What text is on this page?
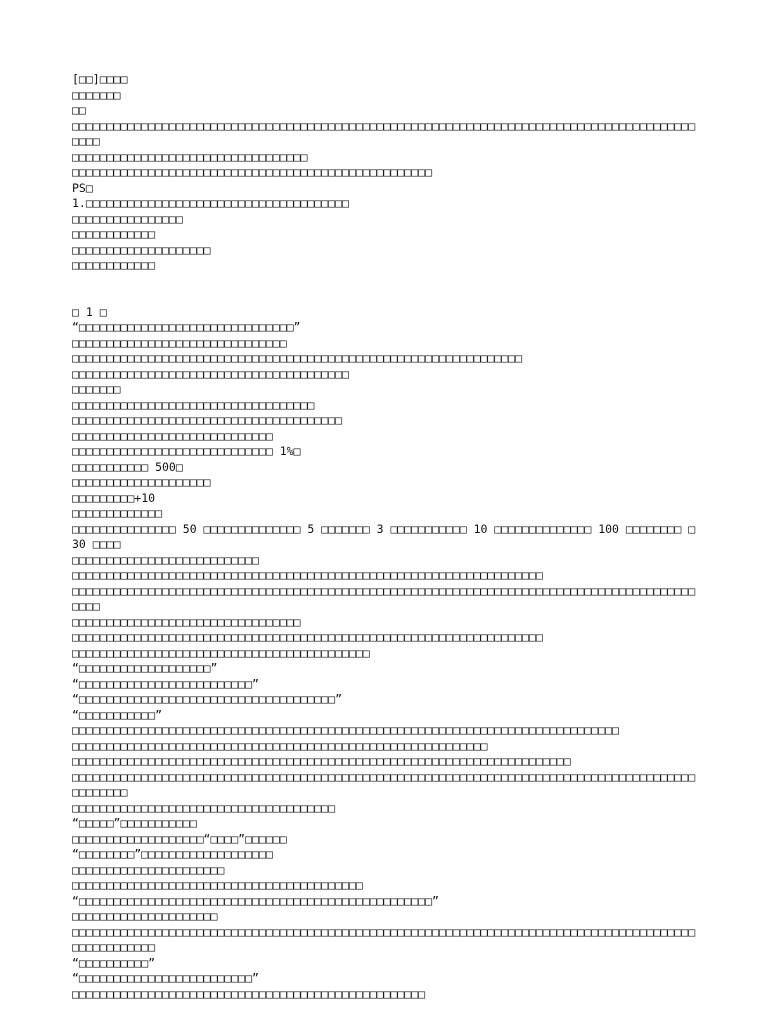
[□□]□□□□
□□□□□□□
□□
□□□□□□□□□□□□□□□□□□□□□□□□□□□□□□□□□□□□□□□□□□□□□□□□□□□□□□□□□□□□□□□□□□□□□□□□□□□□□□□□□□□□□□□□□□□□□□
□□□□□□□□□□□□□□□□□□□□□□□□□□□□□□□□□□
□□□□□□□□□□□□□□□□□□□□□□□□□□□□□□□□□□□□□□□□□□□□□□□□□□□□
PS□
1.□□□□□□□□□□□□□□□□□□□□□□□□□□□□□□□□□□□□□□
□□□□□□□□□□□□□□□□
□□□□□□□□□□□□
□□□□□□□□□□□□□□□□□□□□
□□□□□□□□□□□□
□ 1 □
“□□□□□□□□□□□□□□□□□□□□□□□□□□□□□□□”
□□□□□□□□□□□□□□□□□□□□□□□□□□□□□□□
□□□□□□□□□□□□□□□□□□□□□□□□□□□□□□□□□□□□□□□□□□□□□□□□□□□□□□□□□□□□□□□□□
□□□□□□□□□□□□□□□□□□□□□□□□□□□□□□□□□□□□□□□□
□□□□□□□
□□□□□□□□□□□□□□□□□□□□□□□□□□□□□□□□□□□
□□□□□□□□□□□□□□□□□□□□□□□□□□□□□□□□□□□□□□□
□□□□□□□□□□□□□□□□□□□□□□□□□□□□□
□□□□□□□□□□□□□□□□□□□□□□□□□□□□□ 1%□
□□□□□□□□□□□ 500□
□□□□□□□□□□□□□□□□□□□□
□□□□□□□□□+10
□□□□□□□□□□□□□
□□□□□□□□□□□□□□□ 50 □□□□□□□□□□□□□□ 5 □□□□□□□ 3 □□□□□□□□□□□ 10 □□□□□□□□□□□□□□ 100 □□□□□□□□ □ 30 □□□□
□□□□□□□□□□□□□□□□□□□□□□□□□□□
□□□□□□□□□□□□□□□□□□□□□□□□□□□□□□□□□□□□□□□□□□□□□□□□□□□□□□□□□□□□□□□□□□□□
□□□□□□□□□□□□□□□□□□□□□□□□□□□□□□□□□□□□□□□□□□□□□□□□□□□□□□□□□□□□□□□□□□□□□□□□□□□□□□□□□□□□□□□□□□□□□□
□□□□□□□□□□□□□□□□□□□□□□□□□□□□□□□□□
□□□□□□□□□□□□□□□□□□□□□□□□□□□□□□□□□□□□□□□□□□□□□□□□□□□□□□□□□□□□□□□□□□□□
□□□□□□□□□□□□□□□□□□□□□□□□□□□□□□□□□□□□□□□□□□□
“□□□□□□□□□□□□□□□□□□□”
“□□□□□□□□□□□□□□□□□□□□□□□□□”
“□□□□□□□□□□□□□□□□□□□□□□□□□□□□□□□□□□□□□”
“□□□□□□□□□□□”
□□□□□□□□□□□□□□□□□□□□□□□□□□□□□□□□□□□□□□□□□□□□□□□□□□□□□□□□□□□□□□□□□□□□□□□□□□□□□□□
□□□□□□□□□□□□□□□□□□□□□□□□□□□□□□□□□□□□□□□□□□□□□□□□□□□□□□□□□□□□
□□□□□□□□□□□□□□□□□□□□□□□□□□□□□□□□□□□□□□□□□□□□□□□□□□□□□□□□□□□□□□□□□□□□□□□□
□□□□□□□□□□□□□□□□□□□□□□□□□□□□□□□□□□□□□□□□□□□□□□□□□□□□□□□□□□□□□□□□□□□□□□□□□□□□□□□□□□□□□□□□□□□□□□□□□□
□□□□□□□□□□□□□□□□□□□□□□□□□□□□□□□□□□□□□□
“□□□□□”□□□□□□□□□□□
□□□□□□□□□□□□□□□□□□□“□□□□”□□□□□□
“□□□□□□□□”□□□□□□□□□□□□□□□□□□□
□□□□□□□□□□□□□□□□□□□□□□
□□□□□□□□□□□□□□□□□□□□□□□□□□□□□□□□□□□□□□□□□□
“□□□□□□□□□□□□□□□□□□□□□□□□□□□□□□□□□□□□□□□□□□□□□□□□□□□”
□□□□□□□□□□□□□□□□□□□□□
□□□□□□□□□□□□□□□□□□□□□□□□□□□□□□□□□□□□□□□□□□□□□□□□□□□□□□□□□□□□□□□□□□□□□□□□□□□□□□□□□□□□□□□□□□□□□□□□□□□□□□
“□□□□□□□□□□”
“□□□□□□□□□□□□□□□□□□□□□□□□□”
□□□□□□□□□□□□□□□□□□□□□□□□□□□□□□□□□□□□□□□□□□□□□□□□□□□
